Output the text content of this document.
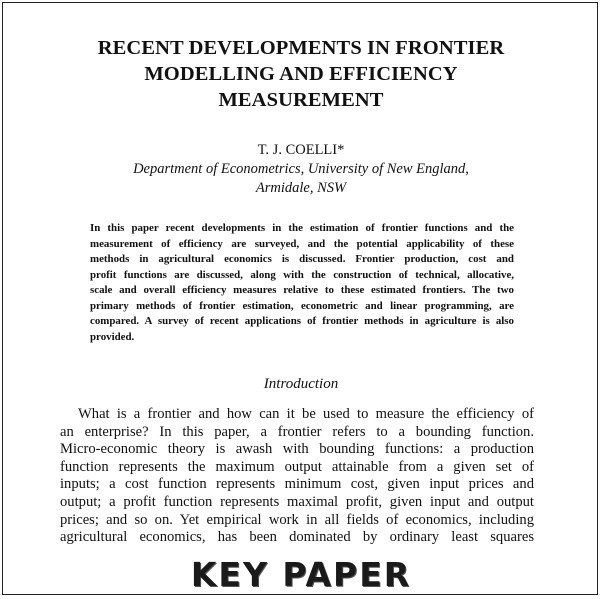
RECENT DEVELOPMENTS IN FRONTIER
MODELLING AND EFFICIENCY
MEASUREMENT
T. J. COELLI*
Department of Econometrics, University of New England,
Armidale, NSW
In this paper recent developments in the estimation of frontier functions and the
measurement of efficiency are surveyed, and the potential applicability of these
methods in agricultural economics is discussed. Frontier production, cost and
profit functions are discussed, along with the construction of technical, allocative,
scale and overall efficiency measures relative to these estimated frontiers. The two
primary methods of frontier estimation, econometric and linear programming, are
compared. A survey of recent applications of frontier methods in agriculture is also
provided.
Introduction
What is a frontier and how can it be used to measure the efficiency of
an enterprise? In this paper, a frontier refers to a bounding function.
Micro-economic theory is awash with bounding functions: a production
function represents the maximum output attainable from a given set of
inputs; a cost function represents minimum cost, given input prices and
output; a profit function represents maximal profit, given input and output
prices; and so on. Yet empirical work in all fields of economics, including
agricultural economics, has been dominated by ordinary least squares
KEY PAPER
